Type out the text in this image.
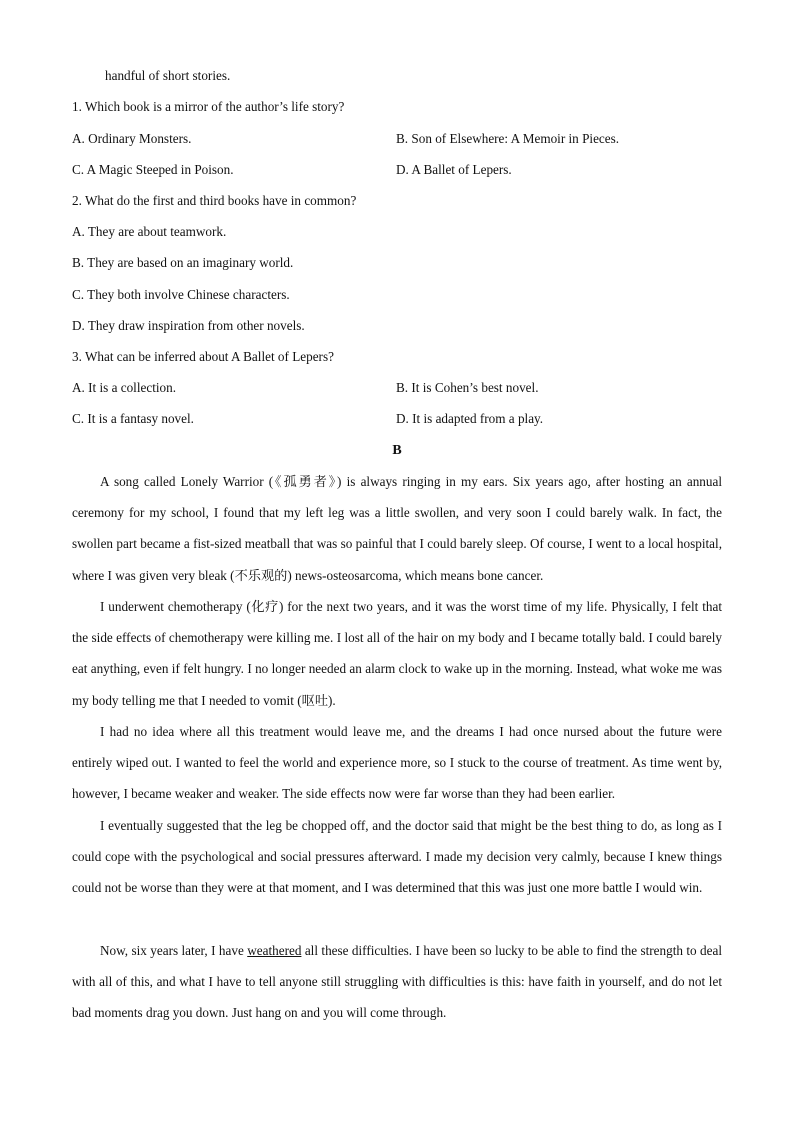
handful of short stories.
1. Which book is a mirror of the author’s life story?
A. Ordinary Monsters.	B. Son of Elsewhere: A Memoir in Pieces.
C. A Magic Steeped in Poison.	D. A Ballet of Lepers.
2. What do the first and third books have in common?
A. They are about teamwork.
B. They are based on an imaginary world.
C. They both involve Chinese characters.
D. They draw inspiration from other novels.
3. What can be inferred about A Ballet of Lepers?
A. It is a collection.	B. It is Cohen’s best novel.
C. It is a fantasy novel.	D. It is adapted from a play.
B
A song called Lonely Warrior (《孤勇者》) is always ringing in my ears. Six years ago, after hosting an annual ceremony for my school, I found that my left leg was a little swollen, and very soon I could barely walk. In fact, the swollen part became a fist-sized meatball that was so painful that I could barely sleep. Of course, I went to a local hospital, where I was given very bleak (不乐观的) news-osteosarcoma, which means bone cancer.
I underwent chemotherapy (化疗) for the next two years, and it was the worst time of my life. Physically, I felt that the side effects of chemotherapy were killing me. I lost all of the hair on my body and I became totally bald. I could barely eat anything, even if felt hungry. I no longer needed an alarm clock to wake up in the morning. Instead, what woke me was my body telling me that I needed to vomit (呕吐).
I had no idea where all this treatment would leave me, and the dreams I had once nursed about the future were entirely wiped out. I wanted to feel the world and experience more, so I stuck to the course of treatment. As time went by, however, I became weaker and weaker. The side effects now were far worse than they had been earlier.
I eventually suggested that the leg be chopped off, and the doctor said that might be the best thing to do, as long as I could cope with the psychological and social pressures afterward. I made my decision very calmly, because I knew things could not be worse than they were at that moment, and I was determined that this was just one more battle I would win.
Now, six years later, I have weathered all these difficulties. I have been so lucky to be able to find the strength to deal with all of this, and what I have to tell anyone still struggling with difficulties is this: have faith in yourself, and do not let bad moments drag you down. Just hang on and you will come through.
